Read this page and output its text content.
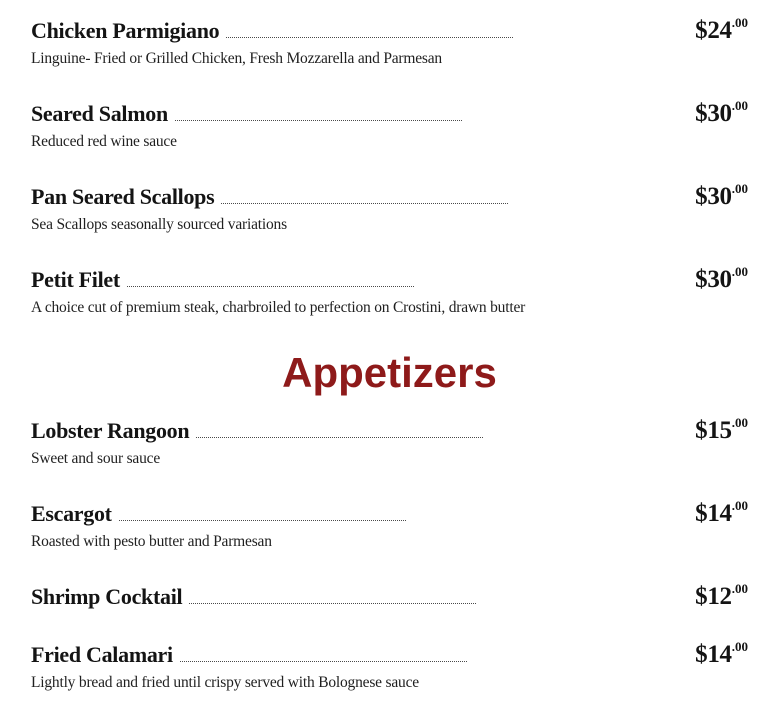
Chicken Parmigiano	$\$24^{.00}$
Linguine- Fried or Grilled Chicken, Fresh Mozzarella and Parmesan
Seared Salmon	$\$30^{.00}$
Reduced red wine sauce
Pan Seared Scallops	$\$30^{.00}$
Sea Scallops seasonally sourced variations
Petit Filet	$\$30^{.00}$
A choice cut of premium steak, charbroiled to perfection on Crostini, drawn butter
Appetizers
Lobster Rangoon	$\$15^{.00}$
Sweet and sour sauce
Escargot	$\$14^{.00}$
Roasted with pesto butter and Parmesan
Shrimp Cocktail	$\$12^{.00}$
Fried Calamari	$\$14^{.00}$
Lightly bread and fried until crispy served with Bolognese sauce
